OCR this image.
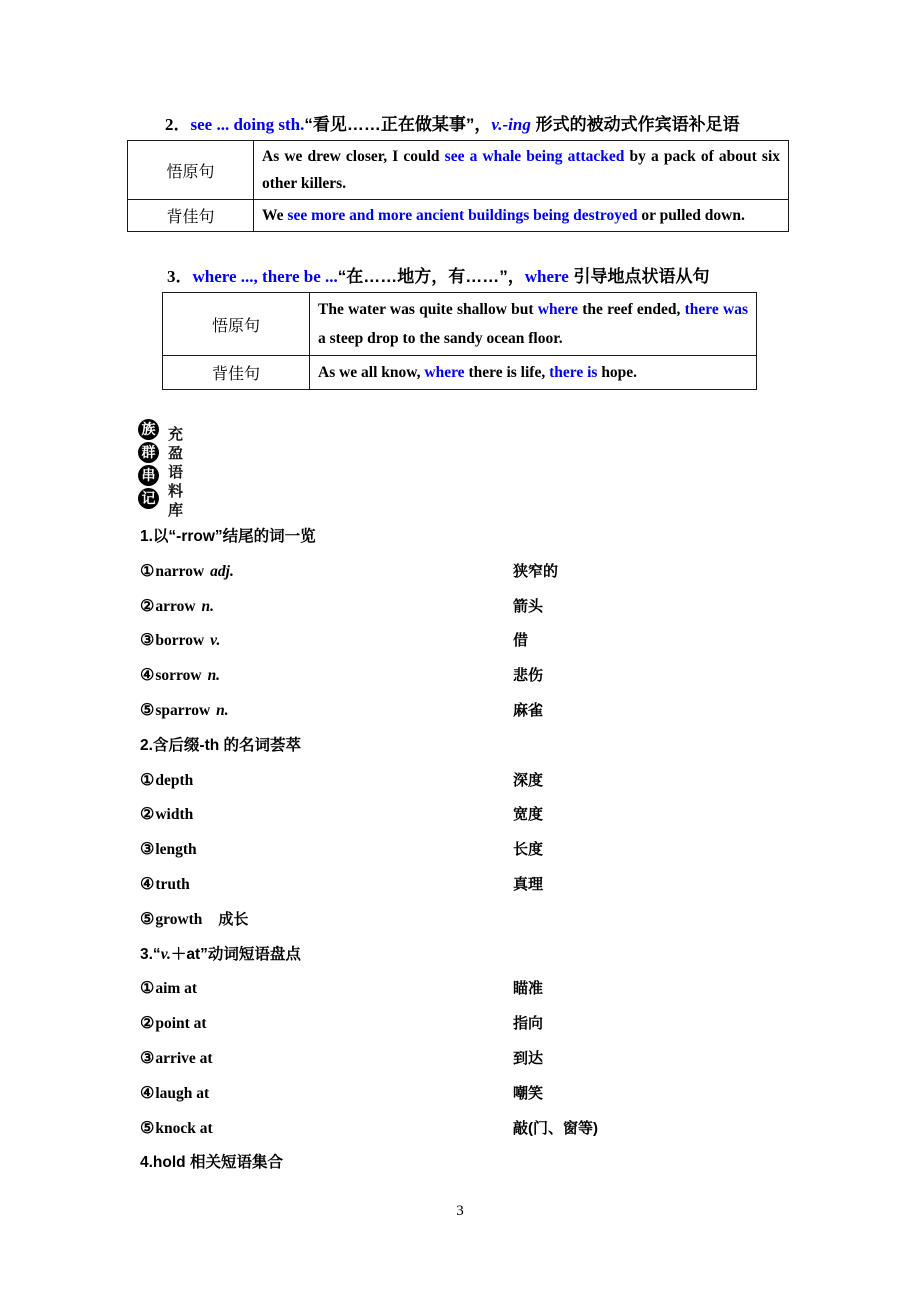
2．see ... doing sth.“看见……正在做某事”，v.-ing 形式的被动式作宾语补足语
悟原句	As we drew closer, I could see a whale being attacked by a pack of about six other killers.
背佳句	We see more and more ancient buildings being destroyed or pulled down.
3．where ..., there be ...“在……地方，有……”，where 引导地点状语从句
悟原句	The water was quite shallow but where the reef ended, there was a steep drop to the sandy ocean floor.
背佳句	As we all know, where there is life, there is hope.
族
群
串
记 充盈语料库
1.以“-rrow”结尾的词一览
①narrow adj.	狭窄的
②arrow n.	箭头
③borrow v.	借
④sorrow n.	悲伤
⑤sparrow n.	麻雀
2.含后缀-th 的名词荟萃
①depth	深度
②width	宽度
③length	长度
④truth	真理
⑤growth 成长
3.“v.＋at”动词短语盘点
①aim at	瞄准
②point at	指向
③arrive at	到达
④laugh at	嘲笑
⑤knock at	敲(门、窗等)
4.hold 相关短语集合
3
